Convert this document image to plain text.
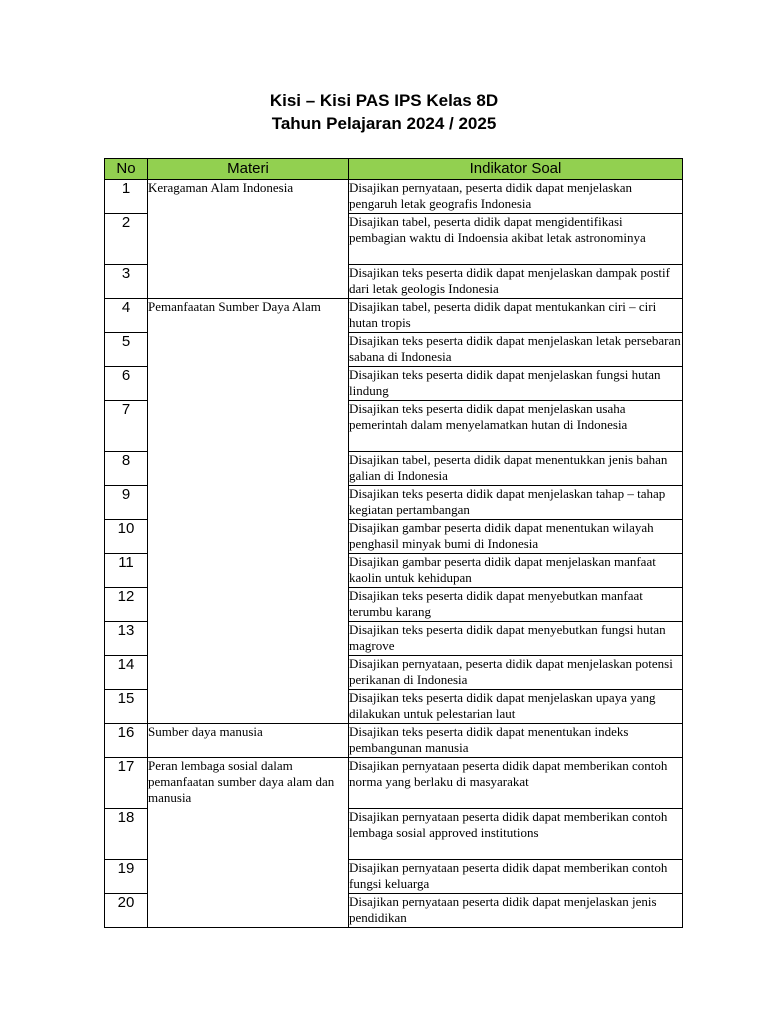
Kisi – Kisi PAS IPS Kelas 8D
Tahun Pelajaran 2024 / 2025
No	Materi	Indikator Soal
1	Keragaman Alam Indonesia	Disajikan pernyataan, peserta didik dapat menjelaskan pengaruh letak geografis Indonesia
2		Disajikan tabel, peserta didik dapat mengidentifikasi pembagian waktu di Indoensia akibat letak astronominya
3		Disajikan teks peserta didik dapat menjelaskan dampak postif dari letak geologis Indonesia
4	Pemanfaatan Sumber Daya Alam	Disajikan tabel, peserta didik dapat mentukankan ciri – ciri hutan tropis
5		Disajikan teks peserta didik dapat menjelaskan letak persebaran sabana di Indonesia
6		Disajikan teks peserta didik dapat menjelaskan fungsi hutan lindung
7		Disajikan teks peserta didik dapat menjelaskan usaha pemerintah dalam menyelamatkan hutan di Indonesia
8		Disajikan tabel, peserta didik dapat menentukkan jenis bahan galian di Indonesia
9		Disajikan teks peserta didik dapat menjelaskan tahap – tahap kegiatan pertambangan
10		Disajikan gambar peserta didik dapat menentukan wilayah penghasil minyak bumi di Indonesia
11		Disajikan gambar peserta didik dapat menjelaskan manfaat kaolin untuk kehidupan
12		Disajikan teks peserta didik dapat menyebutkan manfaat terumbu karang
13		Disajikan teks peserta didik dapat menyebutkan fungsi hutan magrove
14		Disajikan pernyataan, peserta didik dapat menjelaskan potensi perikanan di Indonesia
15		Disajikan teks peserta didik dapat menjelaskan upaya yang dilakukan untuk pelestarian laut
16	Sumber daya manusia	Disajikan teks peserta didik dapat menentukan indeks pembangunan manusia
17	Peran lembaga sosial dalam pemanfaatan sumber daya alam dan manusia	Disajikan pernyataan peserta didik dapat memberikan contoh norma yang berlaku di masyarakat
18		Disajikan pernyataan peserta didik dapat memberikan contoh lembaga sosial approved institutions
19		Disajikan pernyataan peserta didik dapat memberikan contoh fungsi keluarga
20		Disajikan pernyataan peserta didik dapat menjelaskan jenis pendidikan
